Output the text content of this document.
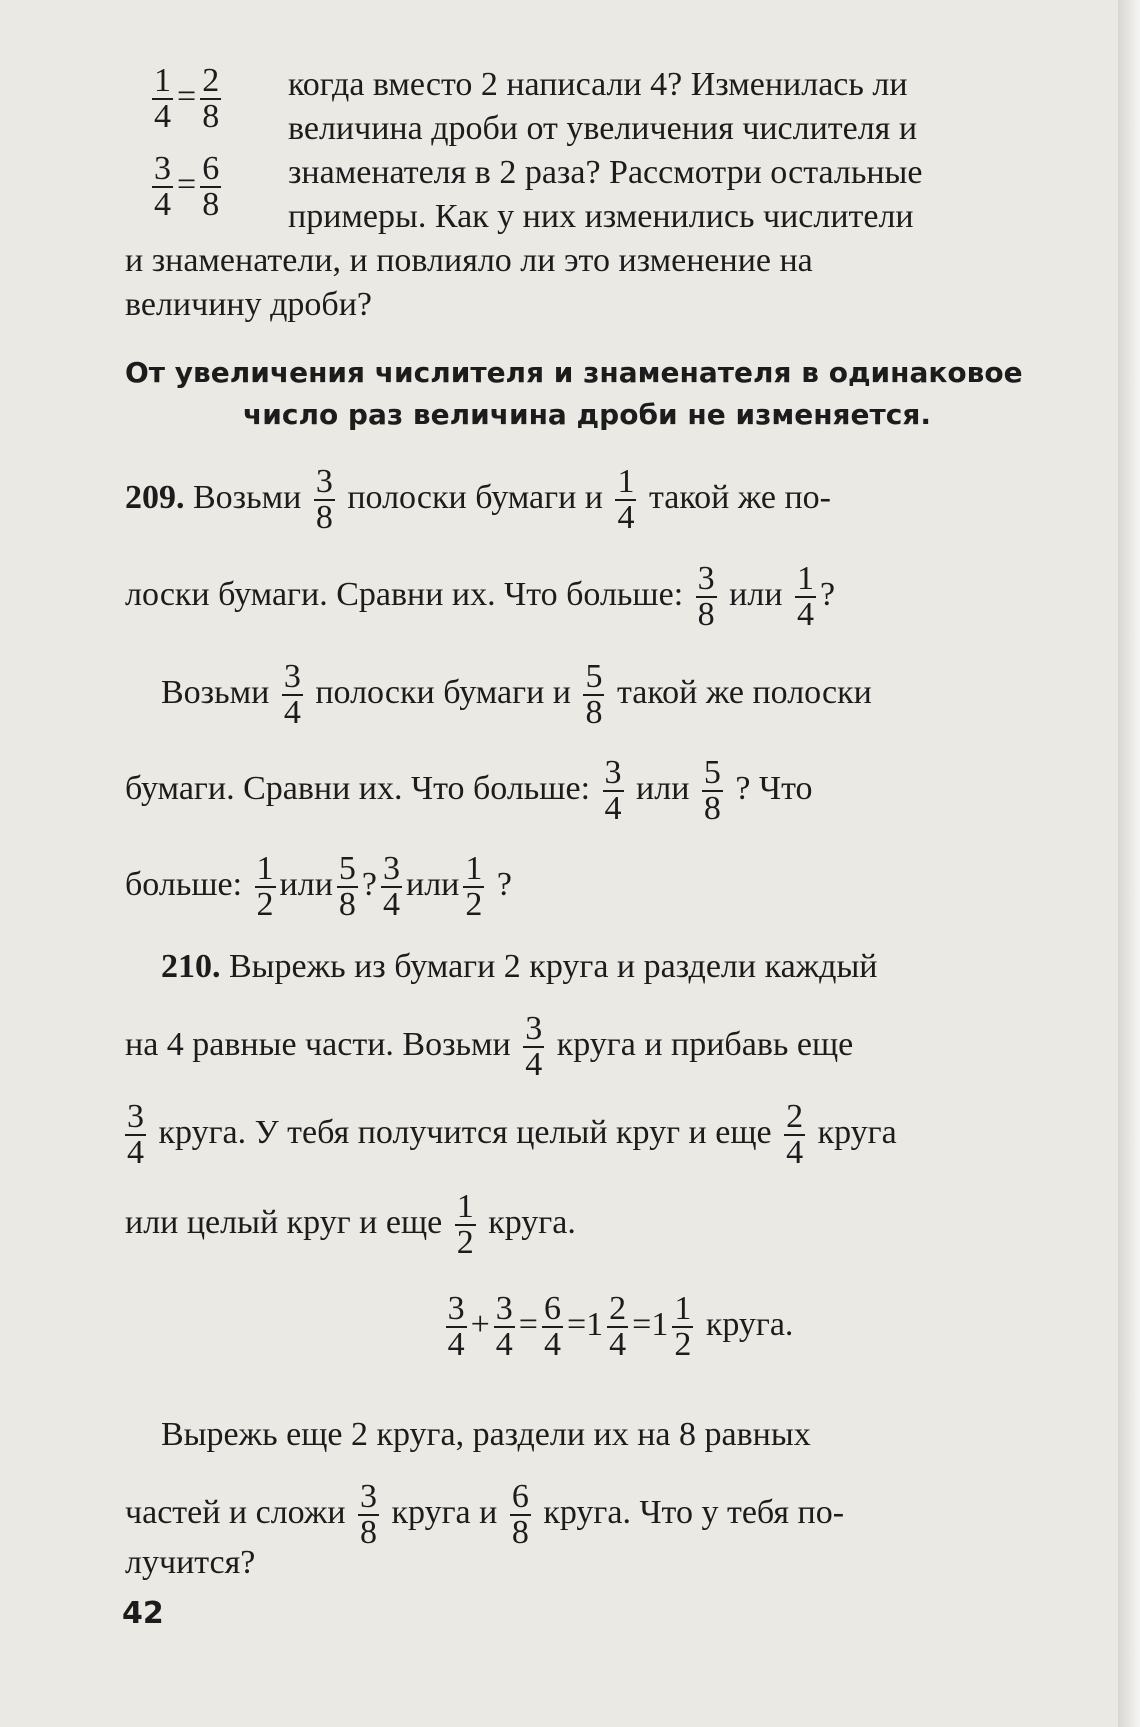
$\frac{1}{4} = \frac{2}{8}$
$\frac{3}{4} = \frac{6}{8}$
когда вместо 2 написали 4? Изменилась ли
величина дроби от увеличения числителя и
знаменателя в 2 раза? Рассмотри остальные
примеры. Как у них изменились числители
и знаменатели, и повлияло ли это изменение на
величину дроби?
От увеличения числителя и знаменателя в одинаковое
число раз величина дроби не изменяется.
209. Возьми $\frac{3}{8}$ полоски бумаги и $\frac{1}{4}$ такой же по-
лоски бумаги. Сравни их. Что больше: $\frac{3}{8}$ или $\frac{1}{4}$ ?
Возьми $\frac{3}{4}$ полоски бумаги и $\frac{5}{8}$ такой же полоски
бумаги. Сравни их. Что больше: $\frac{3}{4}$ или $\frac{5}{8}$ ? Что
больше: $\frac{1}{2}$ или $\frac{5}{8}$ ? $\frac{3}{4}$ или $\frac{1}{2}$ ?
210. Вырежь из бумаги 2 круга и раздели каждый
на 4 равные части. Возьми $\frac{3}{4}$ круга и прибавь еще
$\frac{3}{4}$ круга. У тебя получится целый круг и еще $\frac{2}{4}$ круга
или целый круг и еще $\frac{1}{2}$ круга.
$\frac{3}{4} + \frac{3}{4} = \frac{6}{4} =1 \frac{2}{4} =1 \frac{1}{2}$ круга.
Вырежь еще 2 круга, раздели их на 8 равных
частей и сложи $\frac{3}{8}$ круга и $\frac{6}{8}$ круга. Что у тебя по-
лучится?
42
